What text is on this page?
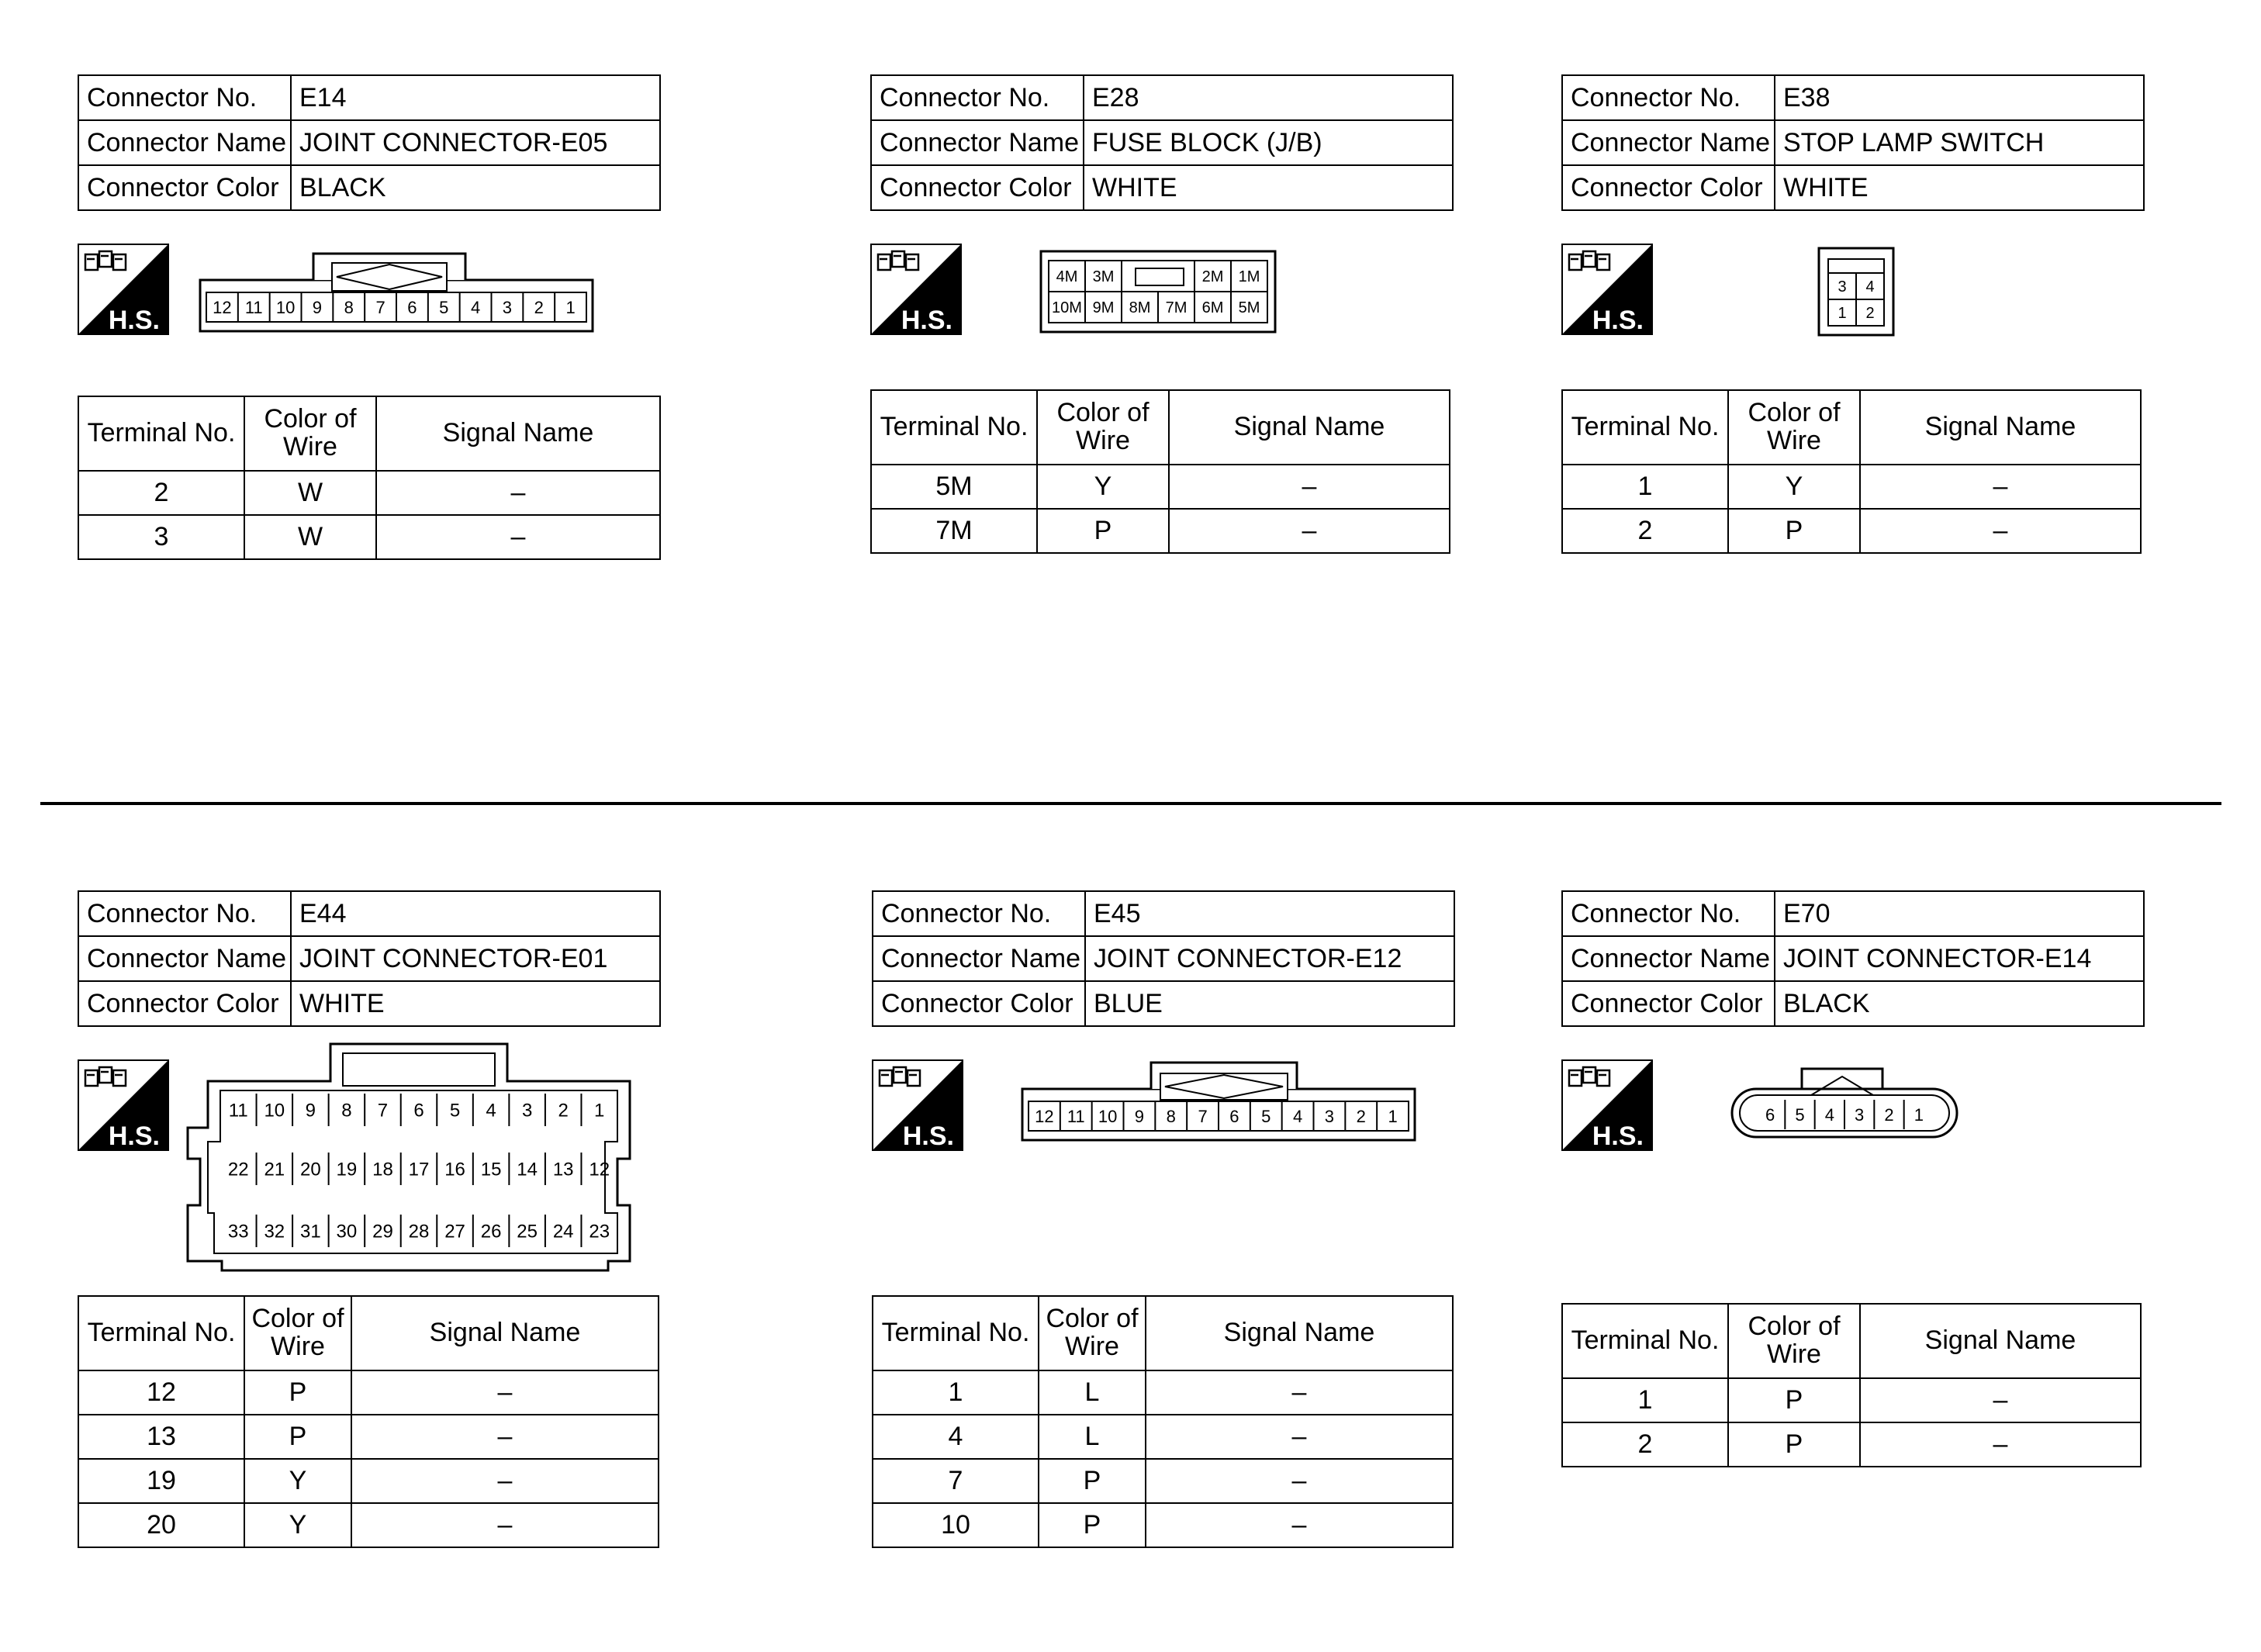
Connector No.	E14
Connector Name	JOINT CONNECTOR-E05
Connector Color	BLACK
H.S.	12 11 10 9 8 7 6 5 4 3 2 1
Terminal No.	Color of Wire	Signal Name
2	W	–
3	W	–
Connector No.	E28
Connector Name	FUSE BLOCK (J/B)
Connector Color	WHITE
H.S.
4M 3M	2M 1M
10M 9M 8M 7M 6M 5M
Terminal No.	Color of Wire	Signal Name
5M	Y	–
7M	P	–
Connector No.	E38
Connector Name	STOP LAMP SWITCH
Connector Color	WHITE
H.S.
3 4
1 2
Terminal No.	Color of Wire	Signal Name
1	Y	–
2	P	–
Connector No.	E44
Connector Name	JOINT CONNECTOR-E01
Connector Color	WHITE
H.S.
11 10 9 8 7 6 5 4 3 2 1
22 21 20 19 18 17 16 15 14 13 12
33 32 31 30 29 28 27 26 25 24 23
Terminal No.	Color of Wire	Signal Name
12	P	–
13	P	–
19	Y	–
20	Y	–
Connector No.	E45
Connector Name	JOINT CONNECTOR-E12
Connector Color	BLUE
H.S.
12 11 10 9 8 7 6 5 4 3 2 1
Terminal No.	Color of Wire	Signal Name
1	L	–
4	L	–
7	P	–
10	P	–
Connector No.	E70
Connector Name	JOINT CONNECTOR-E14
Connector Color	BLACK
H.S.
6 5 4 3 2 1
Terminal No.	Color of Wire	Signal Name
1	P	–
2	P	–
